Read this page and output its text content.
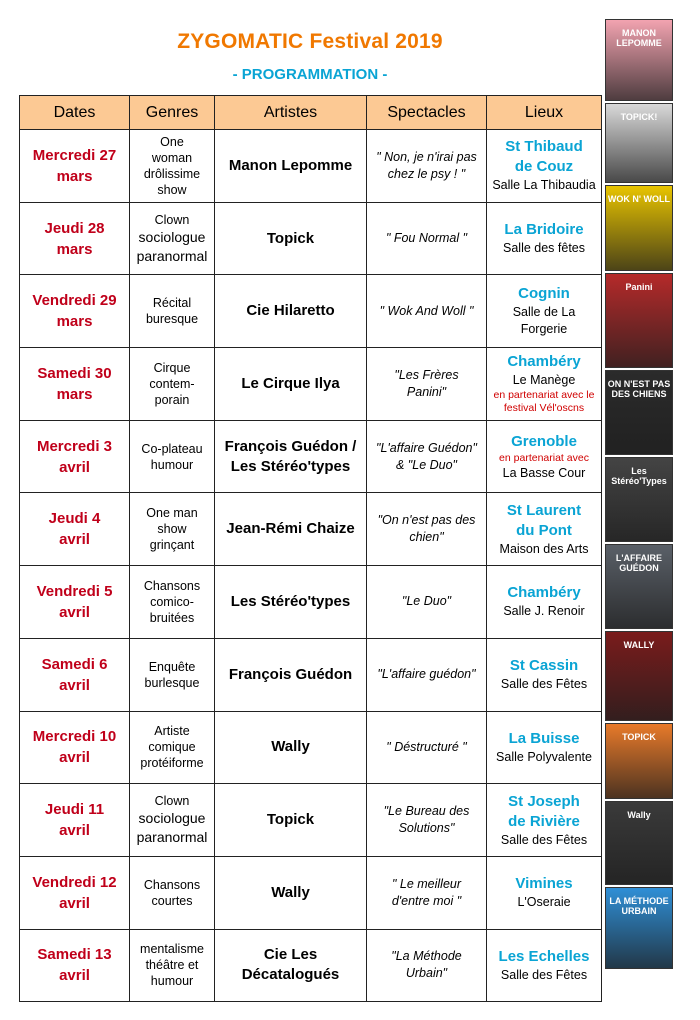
ZYGOMATIC Festival 2019
- PROGRAMMATION -
Dates	Genres	Artistes	Spectacles	Lieux
Mercredi 27
mars	One
woman
drôlissime
show	Manon Lepomme	" Non, je n'irai pas
chez le psy ! "	St Thibaud
de Couz
Salle La Thibaudia

Jeudi 28
mars	Clown
sociologue
paranormal	Topick	" Fou Normal "	La Bridoire
Salle des fêtes

Vendredi 29
mars	Récital
buresque	Cie Hilaretto	" Wok And Woll "	Cognin
Salle de La Forgerie

Samedi 30
mars	Cirque
contem-
porain	Le Cirque Ilya	"Les Frères
Panini"	Chambéry
Le Manège
en partenariat avec le festival Vél'oscns

Mercredi 3
avril	Co-plateau
humour	François Guédon /
Les Stéréo'types	"L'affaire Guédon"
& "Le Duo"	Grenoble
en partenariat avec
La Basse Cour

Jeudi 4
avril	One man
show
grinçant	Jean-Rémi Chaize	"On n'est pas des
chien"	St Laurent
du Pont
Maison des Arts

Vendredi 5
avril	Chansons
comico-
bruitées	Les Stéréo'types	"Le Duo"	Chambéry
Salle J. Renoir

Samedi 6
avril	Enquête
burlesque	François Guédon	"L'affaire guédon"	St Cassin
Salle des Fêtes

Mercredi 10
avril	Artiste
comique
protéiforme	Wally	" Déstructuré "	La Buisse
Salle Polyvalente

Jeudi 11
avril	Clown
sociologue
paranormal	Topick	"Le Bureau des
Solutions"	St Joseph
de Rivière
Salle des Fêtes

Vendredi 12
avril	Chansons
courtes	Wally	" Le meilleur
d'entre moi "	Vimines
L'Oseraie

Samedi 13
avril	mentalisme
théâtre et
humour	Cie Les
Décatalogués	"La Méthode
Urbain"	Les Echelles
Salle des Fêtes
MANON LEPOMME
TOPICK!
WOK N' WOLL
Panini
ON N'EST PAS DES CHIENS
Les Stéréo'Types
L'AFFAIRE GUÉDON
WALLY
TOPICK
Wally
LA MÉTHODE URBAIN
